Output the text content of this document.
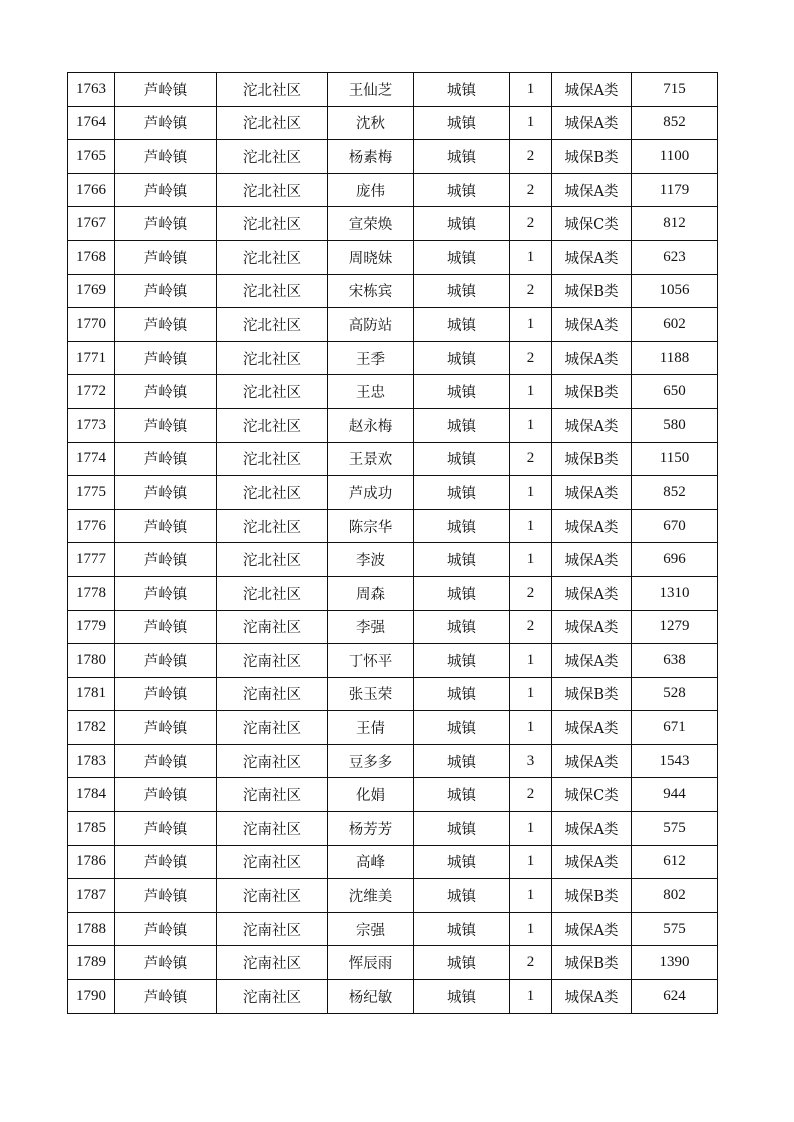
1763	芦岭镇	沱北社区	王仙芝	城镇	1	城保A类	715
1764	芦岭镇	沱北社区	沈秋	城镇	1	城保A类	852
1765	芦岭镇	沱北社区	杨素梅	城镇	2	城保B类	1100
1766	芦岭镇	沱北社区	庞伟	城镇	2	城保A类	1179
1767	芦岭镇	沱北社区	宣荣焕	城镇	2	城保C类	812
1768	芦岭镇	沱北社区	周晓妹	城镇	1	城保A类	623
1769	芦岭镇	沱北社区	宋栋宾	城镇	2	城保B类	1056
1770	芦岭镇	沱北社区	高防站	城镇	1	城保A类	602
1771	芦岭镇	沱北社区	王季	城镇	2	城保A类	1188
1772	芦岭镇	沱北社区	王忠	城镇	1	城保B类	650
1773	芦岭镇	沱北社区	赵永梅	城镇	1	城保A类	580
1774	芦岭镇	沱北社区	王景欢	城镇	2	城保B类	1150
1775	芦岭镇	沱北社区	芦成功	城镇	1	城保A类	852
1776	芦岭镇	沱北社区	陈宗华	城镇	1	城保A类	670
1777	芦岭镇	沱北社区	李波	城镇	1	城保A类	696
1778	芦岭镇	沱北社区	周森	城镇	2	城保A类	1310
1779	芦岭镇	沱南社区	李强	城镇	2	城保A类	1279
1780	芦岭镇	沱南社区	丁怀平	城镇	1	城保A类	638
1781	芦岭镇	沱南社区	张玉荣	城镇	1	城保B类	528
1782	芦岭镇	沱南社区	王倩	城镇	1	城保A类	671
1783	芦岭镇	沱南社区	豆多多	城镇	3	城保A类	1543
1784	芦岭镇	沱南社区	化娟	城镇	2	城保C类	944
1785	芦岭镇	沱南社区	杨芳芳	城镇	1	城保A类	575
1786	芦岭镇	沱南社区	高峰	城镇	1	城保A类	612
1787	芦岭镇	沱南社区	沈维美	城镇	1	城保B类	802
1788	芦岭镇	沱南社区	宗强	城镇	1	城保A类	575
1789	芦岭镇	沱南社区	恽辰雨	城镇	2	城保B类	1390
1790	芦岭镇	沱南社区	杨纪敏	城镇	1	城保A类	624
